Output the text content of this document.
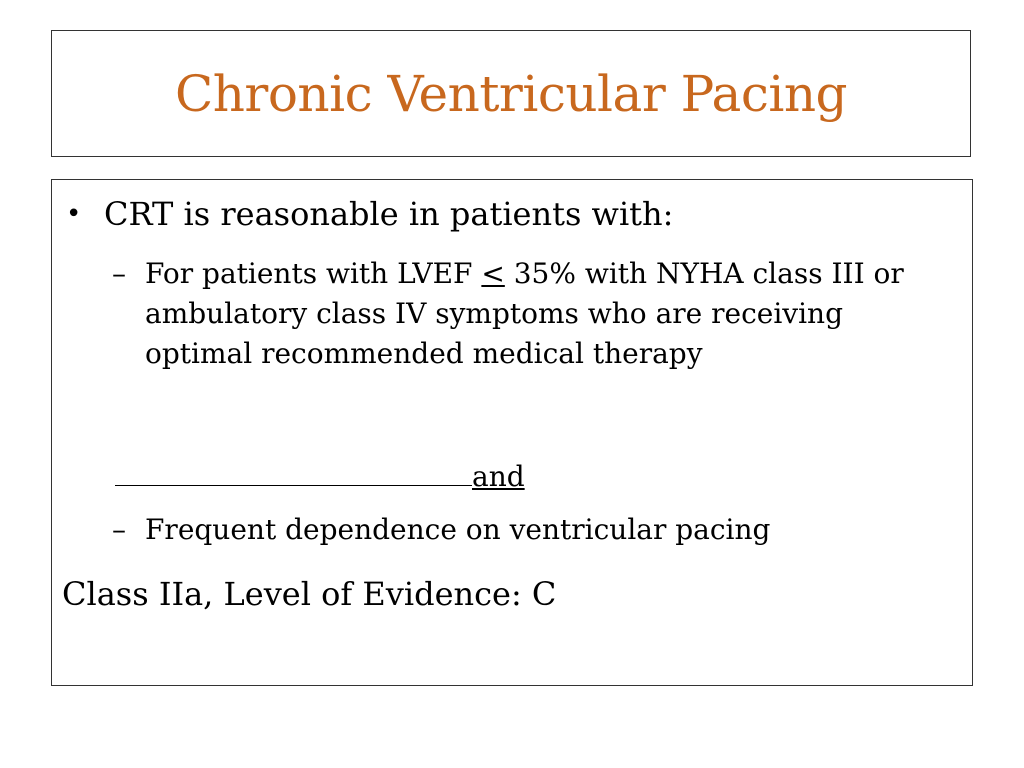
Chronic Ventricular Pacing
• CRT is reasonable in patients with:
– For patients with LVEF ≤ 35% with NYHA class III or ambulatory class IV symptoms who are receiving optimal recommended medical therapy
and
– Frequent dependence on ventricular pacing
Class IIa, Level of Evidence: C
